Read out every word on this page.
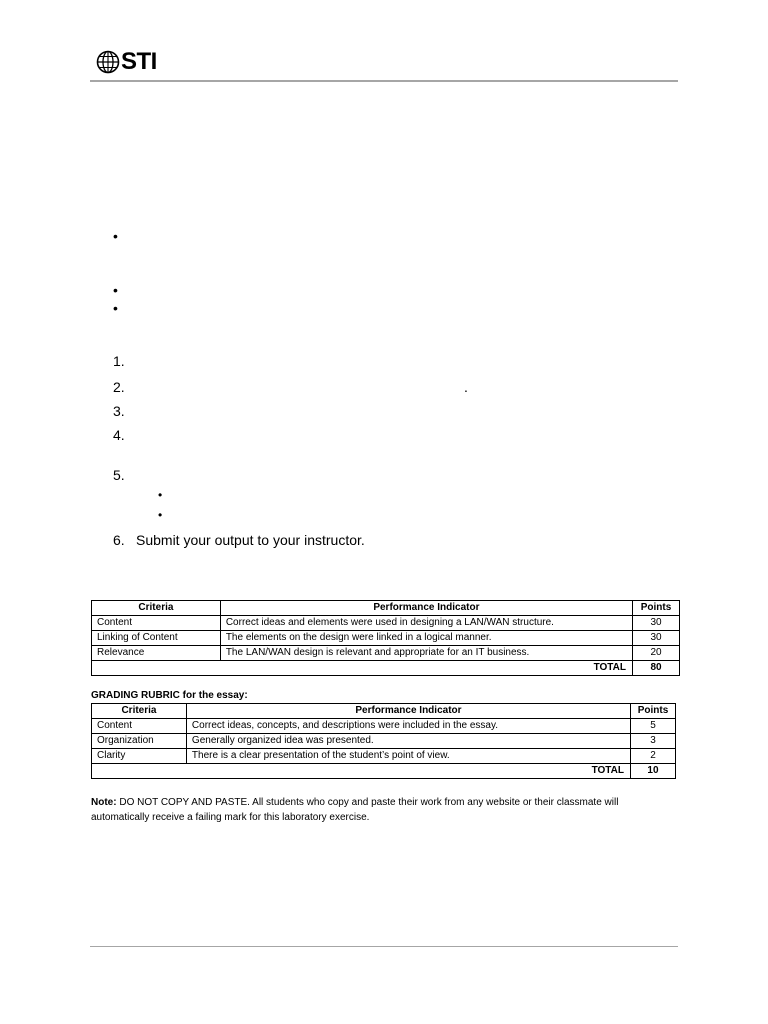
STI
•
•
•
1.
2.	.
3.
4.
5.
•
•
6. Submit your output to your instructor.
Criteria	Performance Indicator	Points
Content	Correct ideas and elements were used in designing a LAN/WAN structure.	30
Linking of Content	The elements on the design were linked in a logical manner.	30
Relevance	The LAN/WAN design is relevant and appropriate for an IT business.	20
TOTAL		80
GRADING RUBRIC for the essay:
Criteria	Performance Indicator	Points
Content	Correct ideas, concepts, and descriptions were included in the essay.	5
Organization	Generally organized idea was presented.	3
Clarity	There is a clear presentation of the student’s point of view.	2
TOTAL		10
Note: DO NOT COPY AND PASTE. All students who copy and paste their work from any website or their classmate will automatically receive a failing mark for this laboratory exercise.
